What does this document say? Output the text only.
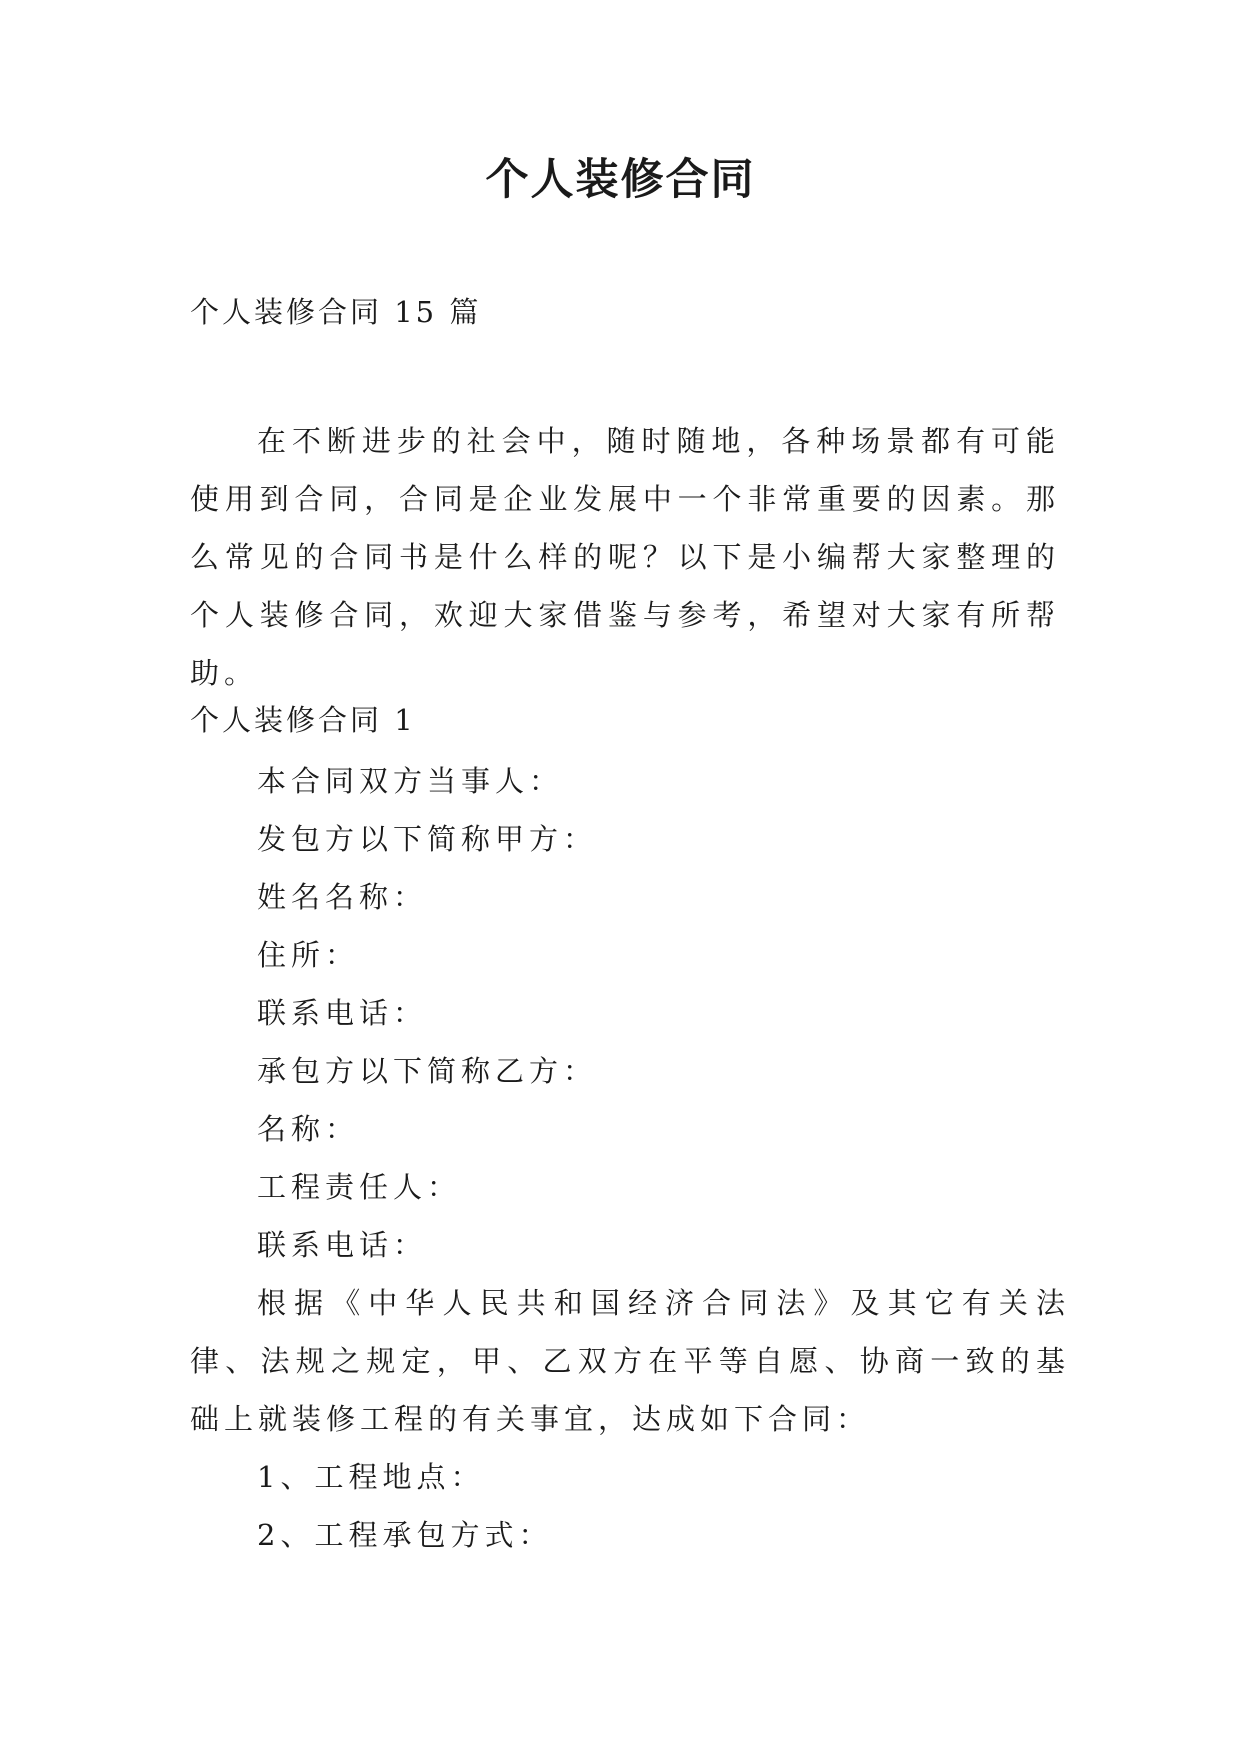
个人装修合同
个人装修合同 15 篇

在不断进步的社会中，随时随地，各种场景都有可能使用到合同，合同是企业发展中一个非常重要的因素。那么常见的合同书是什么样的呢？以下是小编帮大家整理的个人装修合同，欢迎大家借鉴与参考，希望对大家有所帮助。

个人装修合同 1
本合同双方当事人：
发包方以下简称甲方：
姓名名称：
住所：
联系电话：
承包方以下简称乙方：
名称：
工程责任人：
联系电话：

根据《中华人民共和国经济合同法》及其它有关法律、法规之规定，甲、乙双方在平等自愿、协商一致的基础上就装修工程的有关事宜，达成如下合同：

1、工程地点：
2、工程承包方式：
